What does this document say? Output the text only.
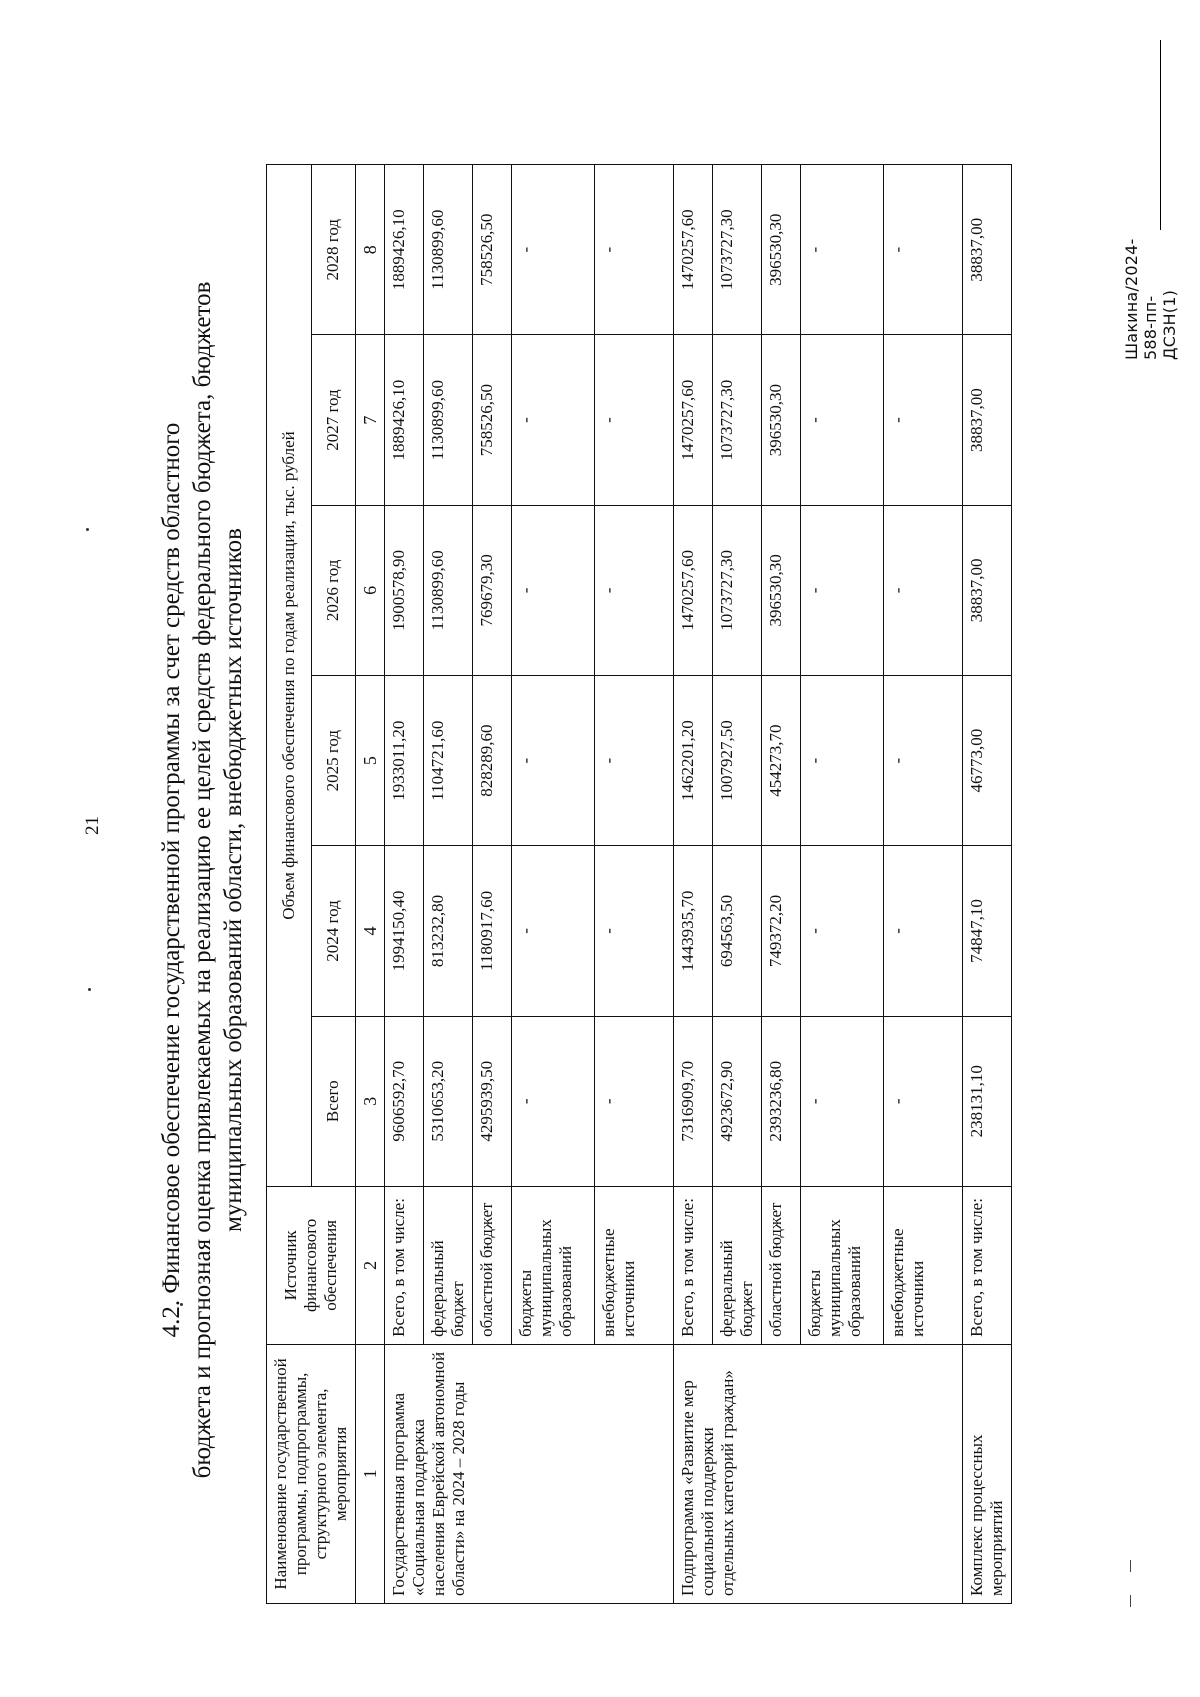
21
Шакина/2024-588-пп-ДСЗН(1)
4.2. Финансовое обеспечение государственной программы за счет средств областного бюджета и прогнозная оценка привлекаемых на реализацию ее целей средств федерального бюджета, бюджетов муниципальных образований области, внебюджетных источников
Наименование государственной программы, подпрограммы, структурного элемента, мероприятия	Источник финансового обеспечения	Объем финансового обеспечения по годам реализации, тыс. рублей					
		Всего	2024 год	2025 год	2026 год	2027 год	2028 год
1	2	3	4	5	6	7	8
Государственная программа «Социальная поддержка населения Еврейской автономной области» на 2024 – 2028 годы	Всего, в том числе:	9606592,70	1994150,40	1933011,20	1900578,90	1889426,10	1889426,10
	федеральный бюджет	5310653,20	813232,80	1104721,60	1130899,60	1130899,60	1130899,60
	областной бюджет	4295939,50	1180917,60	828289,60	769679,30	758526,50	758526,50
	бюджеты муниципальных образований	-	-	-	-	-	-
	внебюджетные источники	-	-	-	-	-	-
Подпрограмма «Развитие мер социальной поддержки отдельных категорий граждан»	Всего, в том числе:	7316909,70	1443935,70	1462201,20	1470257,60	1470257,60	1470257,60
	федеральный бюджет	4923672,90	694563,50	1007927,50	1073727,30	1073727,30	1073727,30
	областной бюджет	2393236,80	749372,20	454273,70	396530,30	396530,30	396530,30
	бюджеты муниципальных образований	-	-	-	-	-	-
	внебюджетные источники	-	-	-	-	-	-
Комплекс процессных мероприятий	Всего, в том числе:	238131,10	74847,10	46773,00	38837,00	38837,00	38837,00
